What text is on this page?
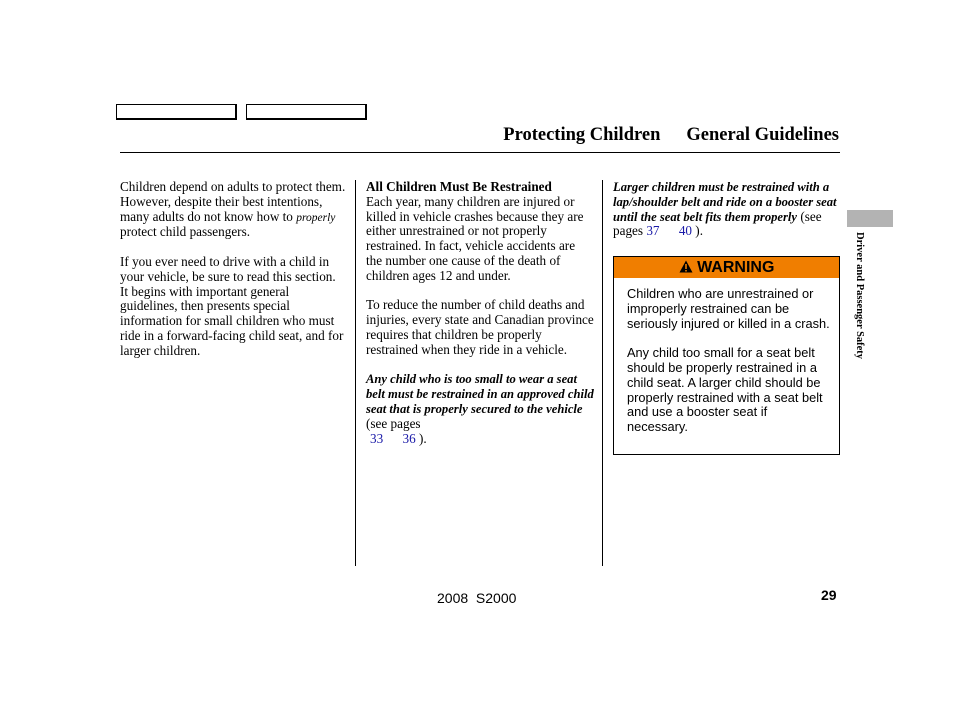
Protecting Children General Guidelines
Driver and Passenger Safety

Children depend on adults to protect them. However, despite their best intentions, many adults do not know how to properly protect child passengers.

If you ever need to drive with a child in your vehicle, be sure to read this section. It begins with important general guidelines, then presents special information for small children who must ride in a forward-facing child seat, and for larger children.

All Children Must Be Restrained
Each year, many children are injured or killed in vehicle crashes because they are either unrestrained or not properly restrained. In fact, vehicle accidents are the number one cause of the death of children ages 12 and under.

To reduce the number of child deaths and injuries, every state and Canadian province requires that children be properly restrained when they ride in a vehicle.

Any child who is too small to wear a seat belt must be restrained in an approved child seat that is properly secured to the vehicle (see pages
33 36 ).

Larger children must be restrained with a lap/shoulder belt and ride on a booster seat until the seat belt fits them properly (see pages 37 40 ).

WARNING

Children who are unrestrained or improperly restrained can be seriously injured or killed in a crash.

Any child too small for a seat belt should be properly restrained in a child seat. A larger child should be properly restrained with a seat belt and use a booster seat if necessary.

2008  S2000	29
